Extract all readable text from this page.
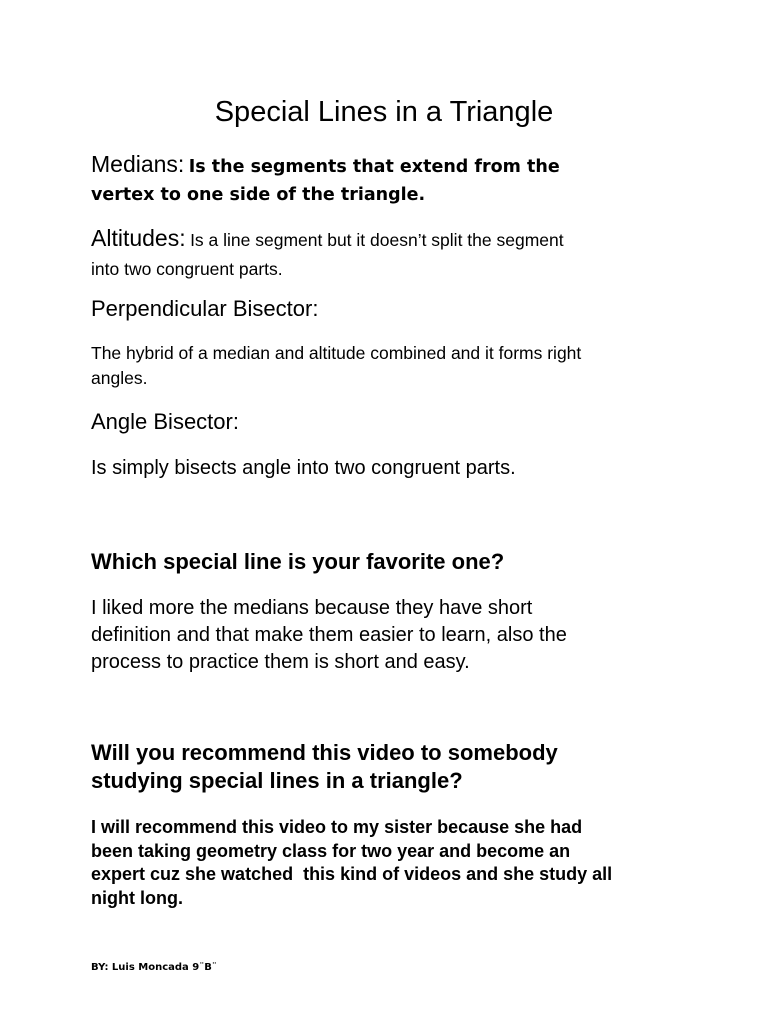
Special Lines in a Triangle
Medians: Is the segments that extend from the
vertex to one side of the triangle.
Altitudes: Is a line segment but it doesn’t split the segment
into two congruent parts.

Perpendicular Bisector:

The hybrid of a median and altitude combined and it forms right

angles.

Angle Bisector:

Is simply bisects angle into two congruent parts.

Which special line is your favorite one?

I liked more the medians because they have short

definition and that make them easier to learn, also the

process to practice them is short and easy.

Will you recommend this video to somebody

studying special lines in a triangle?

I will recommend this video to my sister because she had

been taking geometry class for two year and become an

expert cuz she watched  this kind of videos and she study all

night long.

BY: Luis Moncada 9¨B¨
